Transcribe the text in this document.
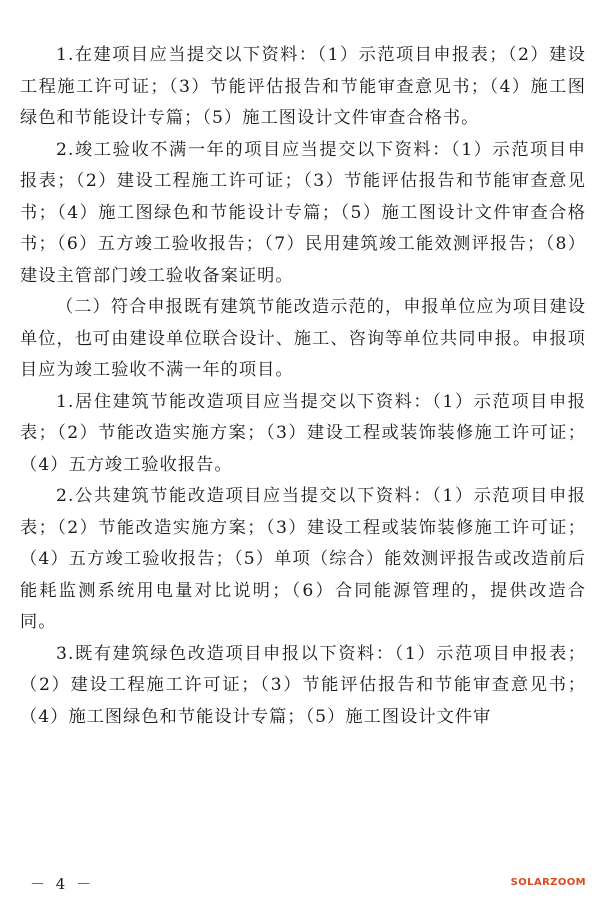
1.在建项目应当提交以下资料：（1）示范项目申报表；（2）建设工程施工许可证；（3）节能评估报告和节能审查意见书；（4）施工图绿色和节能设计专篇；（5）施工图设计文件审查合格书。

2.竣工验收不满一年的项目应当提交以下资料：（1）示范项目申报表；（2）建设工程施工许可证；（3）节能评估报告和节能审查意见书；（4）施工图绿色和节能设计专篇；（5）施工图设计文件审查合格书；（6）五方竣工验收报告；（7）民用建筑竣工能效测评报告；（8）建设主管部门竣工验收备案证明。

（二）符合申报既有建筑节能改造示范的，申报单位应为项目建设单位，也可由建设单位联合设计、施工、咨询等单位共同申报。申报项目应为竣工验收不满一年的项目。

1.居住建筑节能改造项目应当提交以下资料：（1）示范项目申报表；（2）节能改造实施方案；（3）建设工程或装饰装修施工许可证；（4）五方竣工验收报告。

2.公共建筑节能改造项目应当提交以下资料：（1）示范项目申报表；（2）节能改造实施方案；（3）建设工程或装饰装修施工许可证；（4）五方竣工验收报告；（5）单项（综合）能效测评报告或改造前后能耗监测系统用电量对比说明；（6）合同能源管理的，提供改造合同。

3.既有建筑绿色改造项目申报以下资料：（1）示范项目申报表；（2）建设工程施工许可证；（3）节能评估报告和节能审查意见书；（4）施工图绿色和节能设计专篇；（5）施工图设计文件审

－ 4 －	SOLARZOOM
